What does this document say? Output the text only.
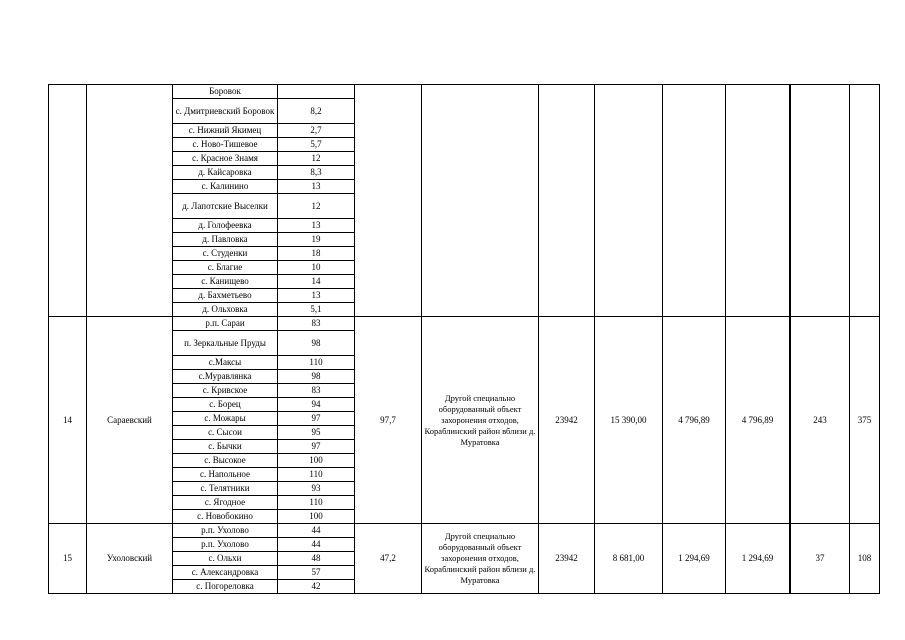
		Боровок										
		с. Дмитриевский Боровок	8,2								
		с. Нижний Якимец	2,7								
		с. Ново-Тишевое	5,7								
		с. Красное Знамя	12								
		д. Кайсаровка	8,3								
		с. Калинино	13								
		д. Лапотские Выселки	12								
		д. Голофеевка	13								
		д. Павловка	19								
		с. Студенки	18								
		с. Благие	10								
		с. Канищево	14								
		д. Бахметьево	13								
		д. Ольховка	5,1								
14	Сараевский	р.п. Сараи	83	97,7	Другой специально оборудованный объект захоронения отходов, Кораблинский район вблизи д. Муратовка	23942	15 390,00	4 796,89	4 796,89		243	375
		п. Зеркальные Пруды	98								
		с.Максы	110								
		с.Муравлянка	98								
		с. Кривское	83								
		с. Борец	94								
		с. Можары	97								
		с. Сысои	95								
		с. Бычки	97								
		с. Высокое	100								
		с. Напольное	110								
		с. Телятники	93								
		с. Ягодное	110								
		с. Новобокино	100								
15	Ухоловский	р.п. Ухолово	44	47,2	Другой специально оборудованный объект захоронения отходов, Кораблинский район вблизи д. Муратовка	23942	8 681,00	1 294,69	1 294,69		37	108
		р.п. Ухолово	44								
		с. Ольхи	48								
		с. Александровка	57								
		с. Погореловка	42								
